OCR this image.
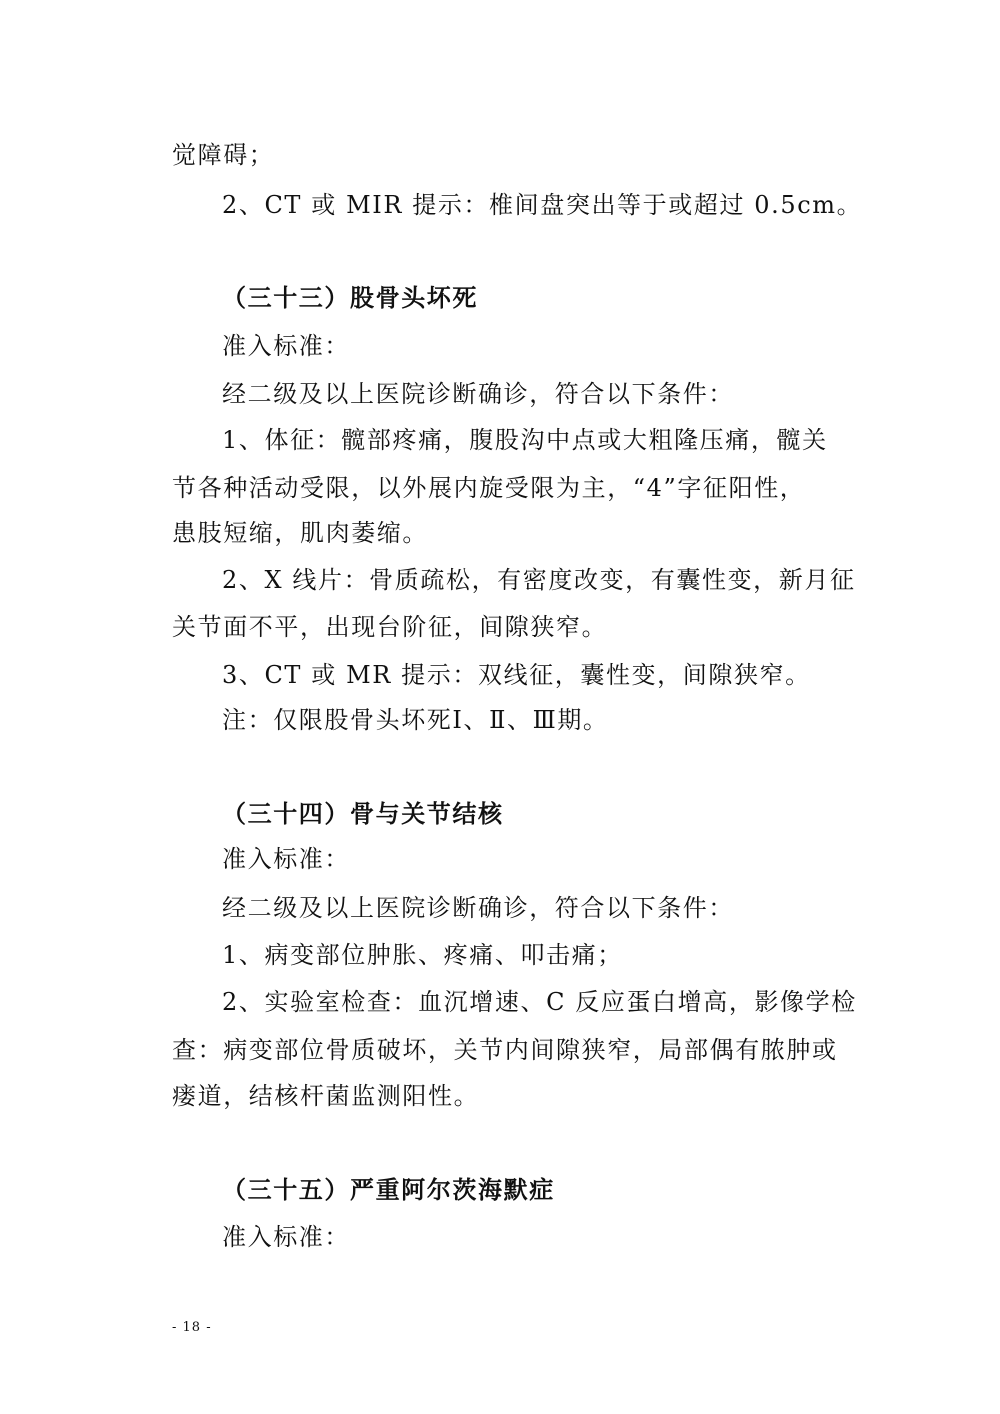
觉障碍；
2、CT 或 MIR 提示：椎间盘突出等于或超过 0.5cm。
（三十三）股骨头坏死
准入标准：
经二级及以上医院诊断确诊，符合以下条件：
1、体征：髋部疼痛，腹股沟中点或大粗隆压痛，髋关
节各种活动受限，以外展内旋受限为主，“4”字征阳性，
患肢短缩，肌肉萎缩。
2、X 线片：骨质疏松，有密度改变，有囊性变，新月征
关节面不平，出现台阶征，间隙狭窄。
3、CT 或 MR 提示：双线征，囊性变，间隙狭窄。
注：仅限股骨头坏死Ⅰ、Ⅱ、Ⅲ期。
（三十四）骨与关节结核
准入标准：
经二级及以上医院诊断确诊，符合以下条件：
1、病变部位肿胀、疼痛、叩击痛；
2、实验室检查：血沉增速、C 反应蛋白增高，影像学检
查：病变部位骨质破坏，关节内间隙狭窄，局部偶有脓肿或
瘘道，结核杆菌监测阳性。
（三十五）严重阿尔茨海默症
准入标准：
- 18 -
